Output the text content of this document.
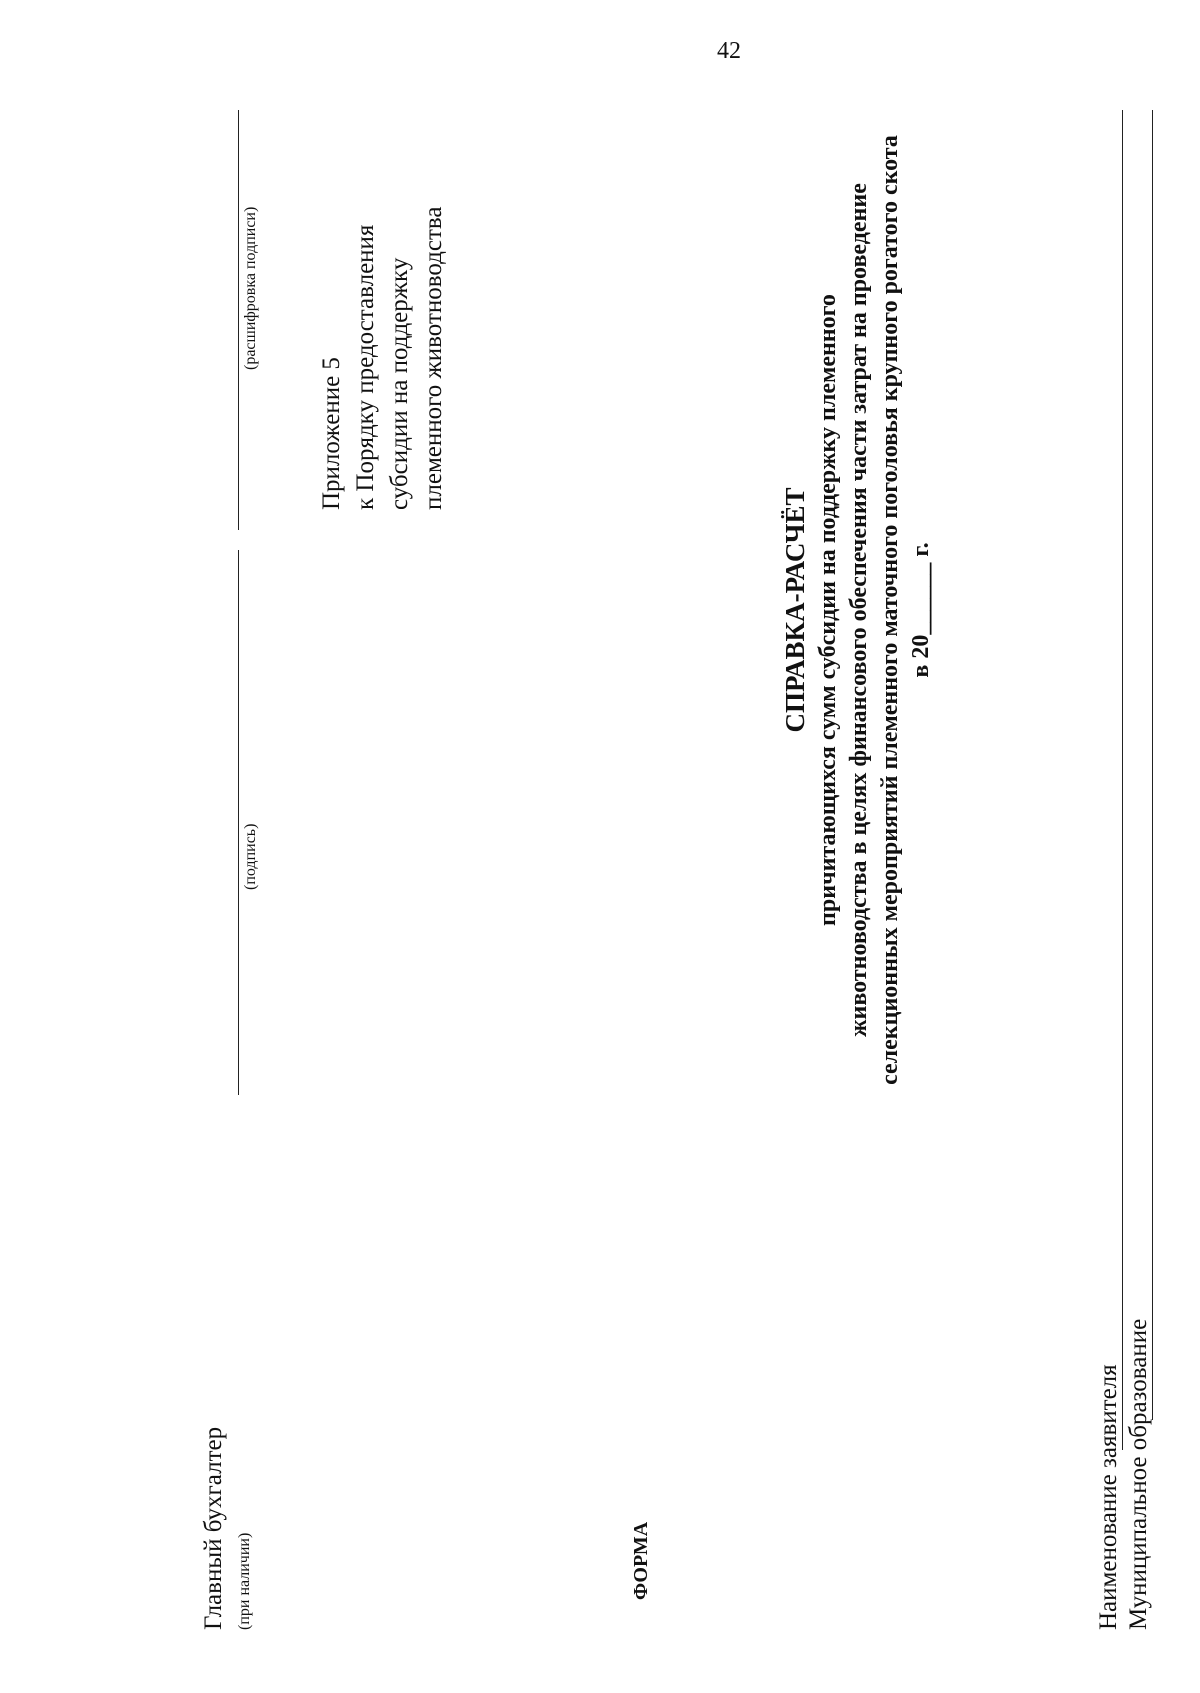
42
Главный бухгалтер (при наличии)
(подпись)
(расшифровка подписи)
Приложение 5 к Порядку предоставления субсидии на поддержку племенного животноводства
ФОРМА
СПРАВКА-РАСЧЁТ причитающихся сумм субсидии на поддержку племенного животноводства в целях финансового обеспечения части затрат на проведение селекционных мероприятий племенного маточного поголовья крупного рогатого скота в 20______ г.
Наименование заявителя Муниципальное образование
